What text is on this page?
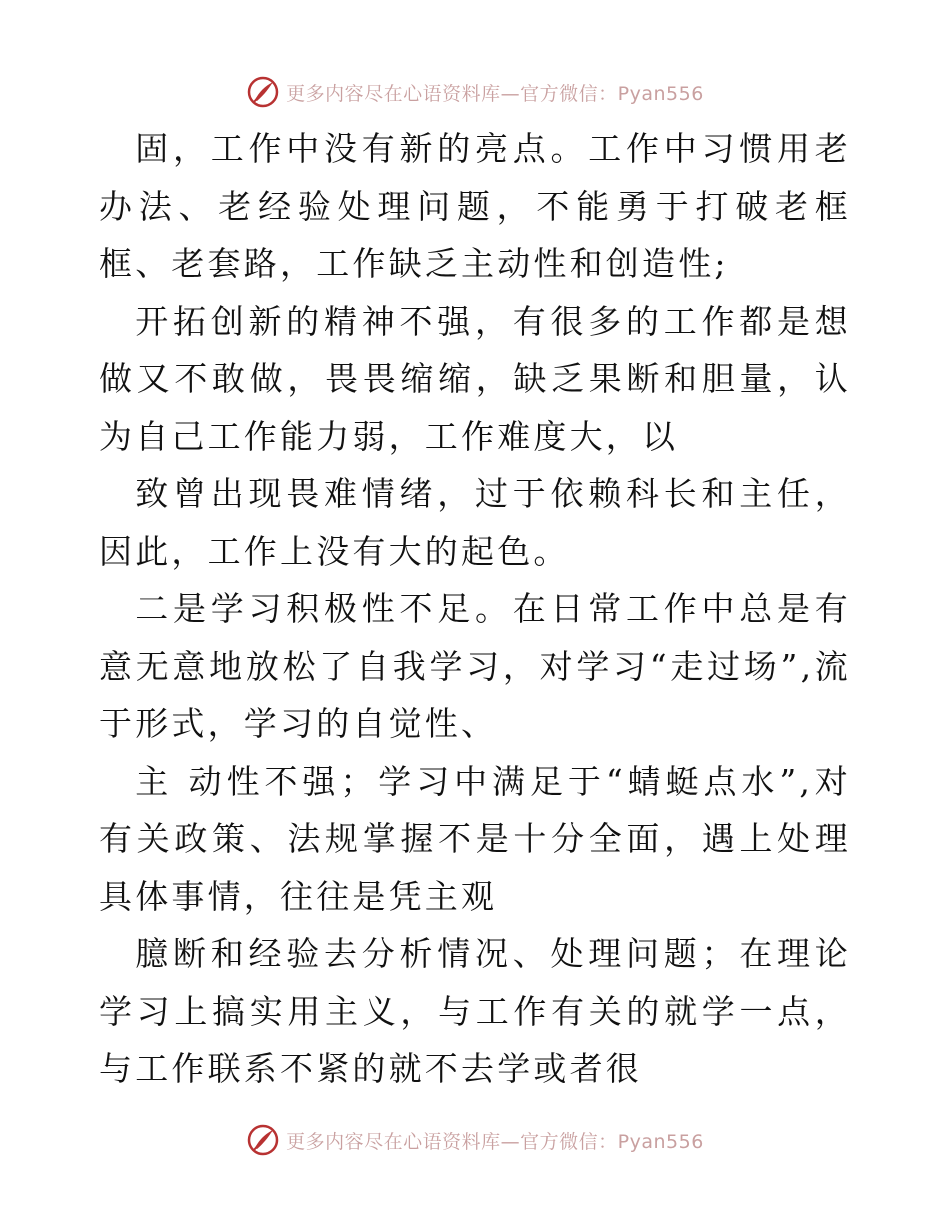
更多内容尽在心语资料库—官方微信：Pyan556

固，工作中没有新的亮点。工作中习惯用老办法、老经验处理问题，不能勇于打破老框框、老套路，工作缺乏主动性和创造性;

开拓创新的精神不强，有很多的工作都是想做又不敢做，畏畏缩缩，缺乏果断和胆量，认为自己工作能力弱，工作难度大，以

致曾出现畏难情绪，过于依赖科长和主任，因此，工作上没有大的起色。

二是学习积极性不足。在日常工作中总是有意无意地放松了自我学习，对学习“走过场”,流于形式，学习的自觉性、

主 动性不强；学习中满足于“蜻蜓点水”,对有关政策、法规掌握不是十分全面，遇上处理具体事情，往往是凭主观

臆断和经验去分析情况、处理问题；在理论学习上搞实用主义，与工作有关的就学一点，与工作联系不紧的就不去学或者很

更多内容尽在心语资料库—官方微信：Pyan556
